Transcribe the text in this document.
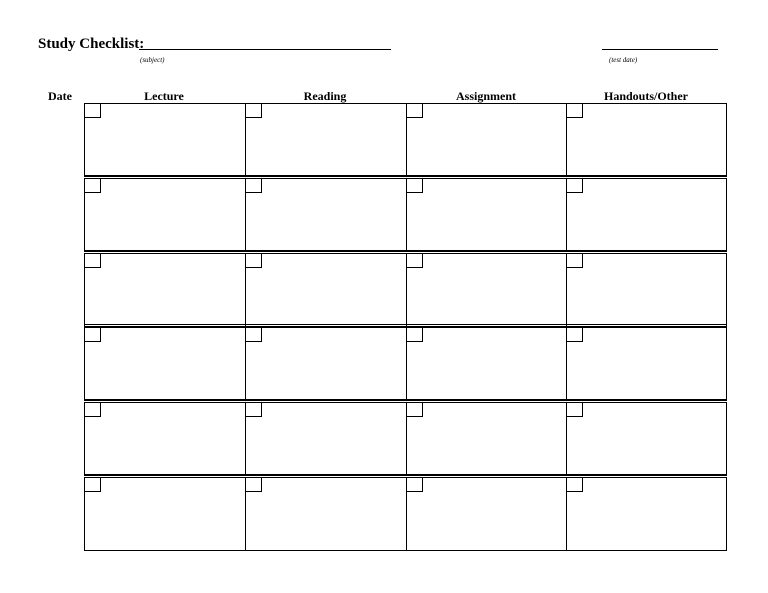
Study Checklist:
(subject)	(test date)
Date	Lecture	Reading	Assignment	Handouts/Other
